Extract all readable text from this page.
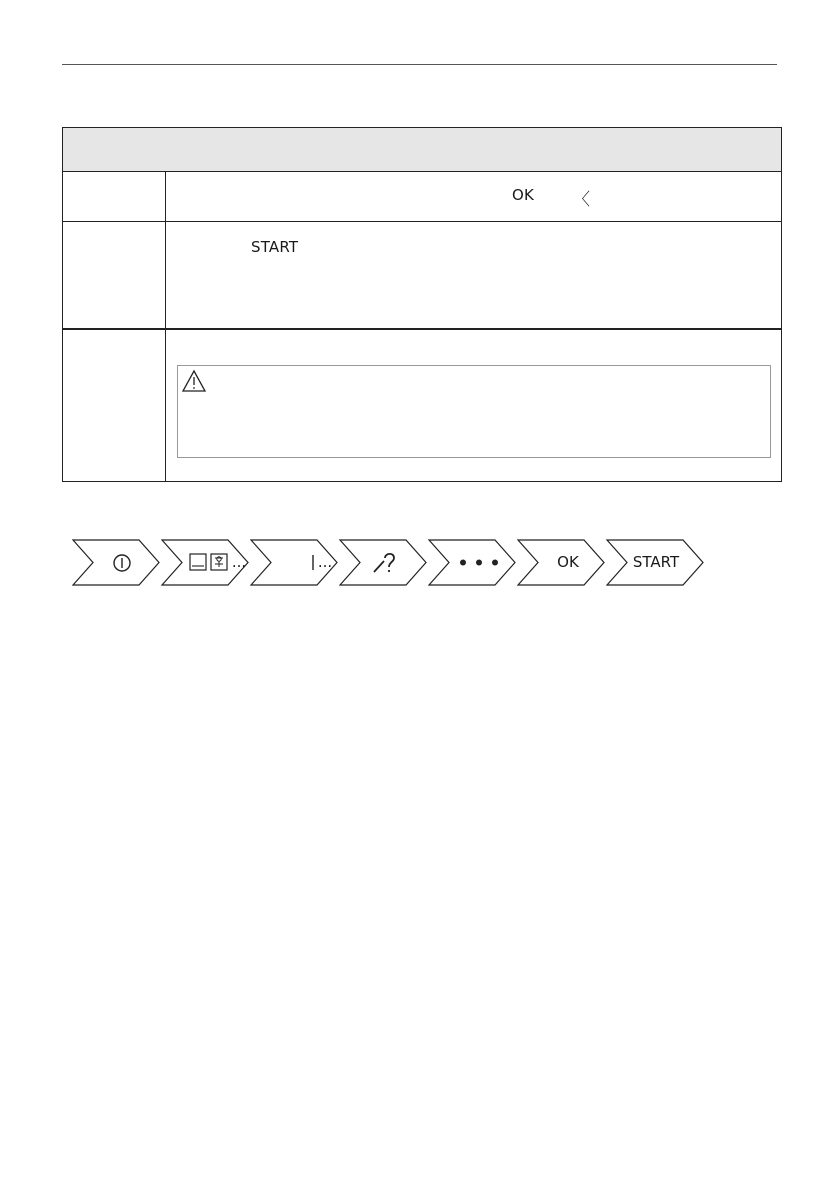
OK 〈
START
...	...	OK	START
